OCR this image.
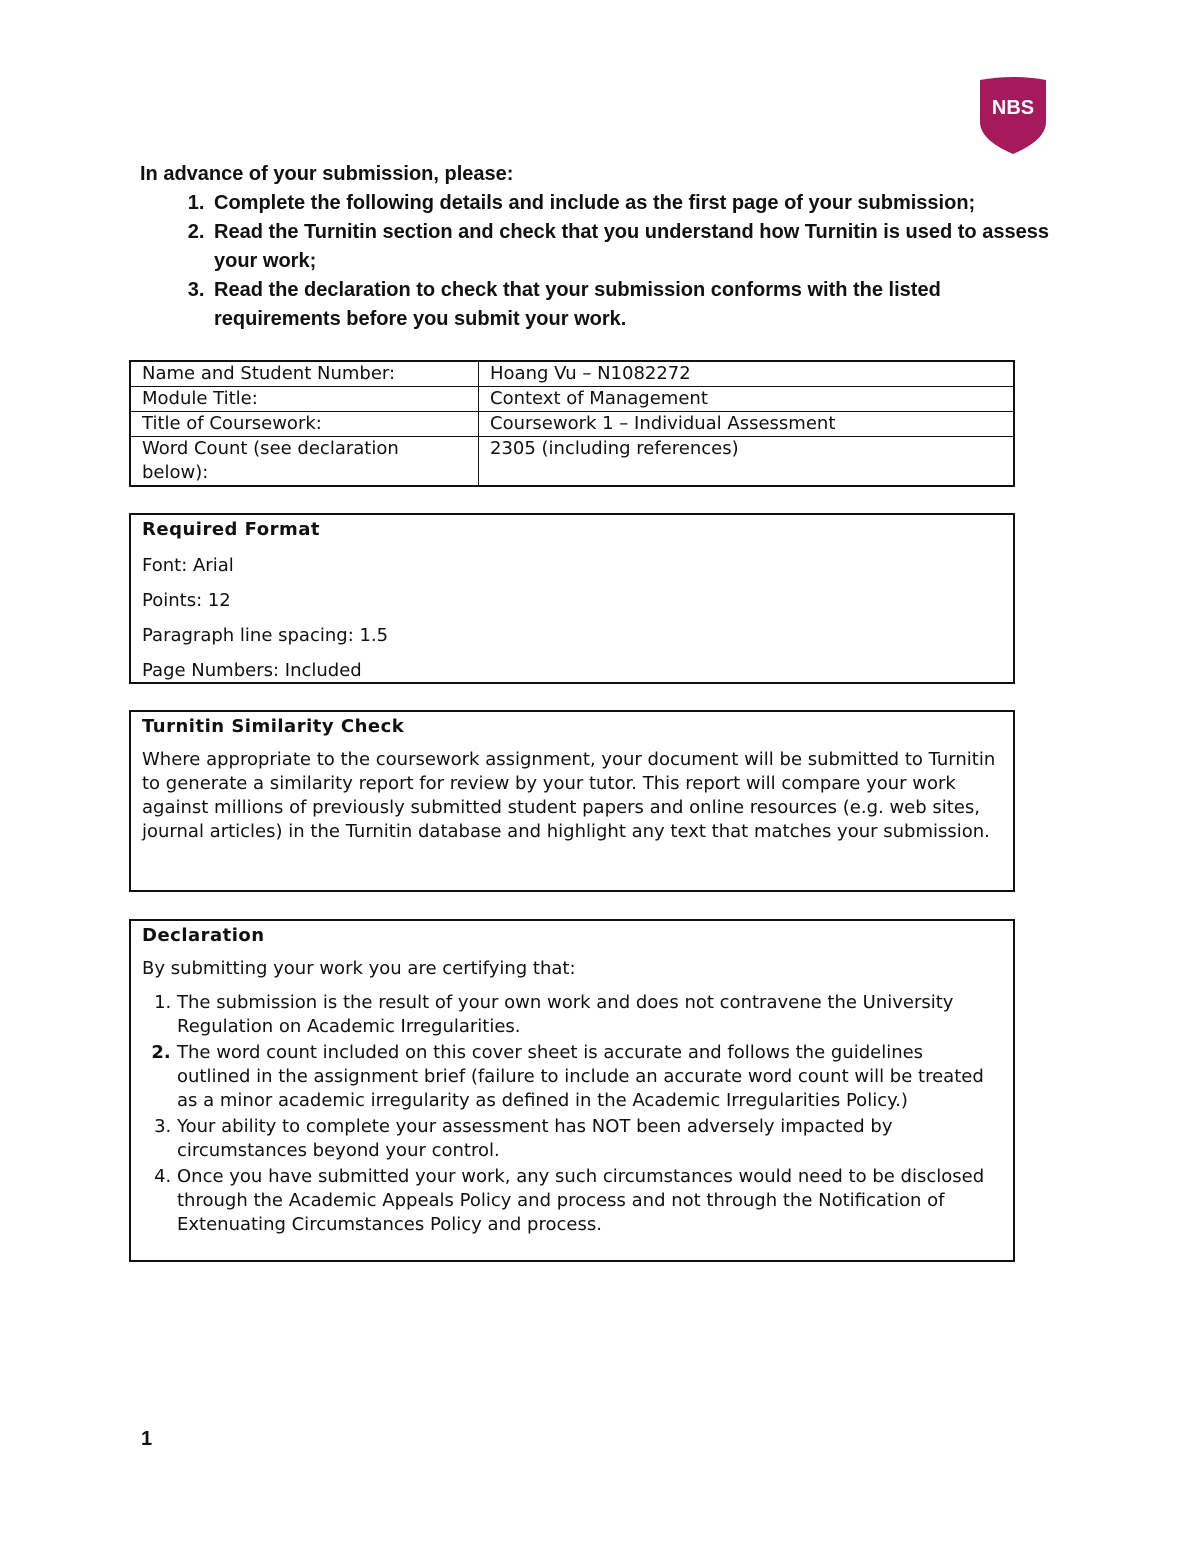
NBS
In advance of your submission, please:
1. Complete the following details and include as the first page of your submission;
2. Read the Turnitin section and check that you understand how Turnitin is used to assess your work;
3. Read the declaration to check that your submission conforms with the listed requirements before you submit your work.
Name and Student Number:	Hoang Vu – N1082272
Module Title:	Context of Management
Title of Coursework:	Coursework 1 – Individual Assessment
Word Count (see declaration below):	2305 (including references)
Required Format

Font: Arial

Points: 12

Paragraph line spacing: 1.5

Page Numbers: Included

Turnitin Similarity Check

Where appropriate to the coursework assignment, your document will be submitted to Turnitin to generate a similarity report for review by your tutor. This report will compare your work against millions of previously submitted student papers and online resources (e.g. web sites, journal articles) in the Turnitin database and highlight any text that matches your submission.

Declaration

By submitting your work you are certifying that:

1. The submission is the result of your own work and does not contravene the University Regulation on Academic Irregularities.
2. The word count included on this cover sheet is accurate and follows the guidelines outlined in the assignment brief (failure to include an accurate word count will be treated as a minor academic irregularity as defined in the Academic Irregularities Policy.)
3. Your ability to complete your assessment has NOT been adversely impacted by circumstances beyond your control.
4. Once you have submitted your work, any such circumstances would need to be disclosed through the Academic Appeals Policy and process and not through the Notification of Extenuating Circumstances Policy and process.
1
